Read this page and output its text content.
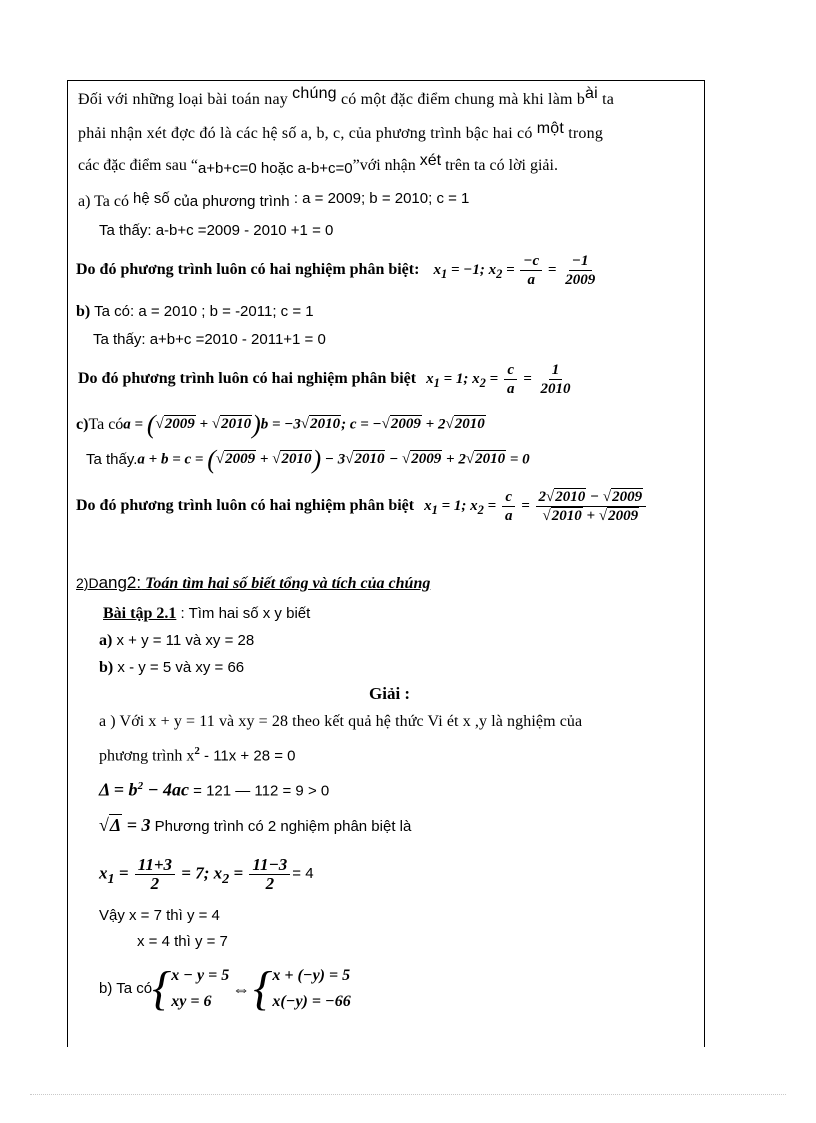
Đối với những loại bài toán nay chúng có một đặc điểm chung mà khi làm bài ta
phải nhận xét đợc đó là các hệ số a, b, c, của phương trình bậc hai có một trong
các đặc điểm sau “a+b+c=0 hoặc a-b+c=0”với nhận xét trên ta có lời giải.
a) Ta có hệ số của phương trình : a = 2009; b = 2010; c = 1
Ta thấy: a-b+c =2009 - 2010 +1 = 0
Do đó phương trình luôn có hai nghiệm phân biệt: $x_1 = -1$; $x_2 = \frac{-c}{a} = \frac{-1}{2009}$
b) Ta có: a = 2010 ; b = -2011; c = 1
Ta thấy: a+b+c =2010 - 2011+1 = 0
Do đó phương trình luôn có hai nghiệm phân biệt $x_1 = 1$; $x_2 = \frac{c}{a} = \frac{1}{2010}$
c) Ta có a = (√2009 + √2010)b = −3√2010; c = −√2009 + 2√2010
Ta thấy. a + b = c = (√2009 + √2010) − 3√2010 − √2009 + 2√2010 = 0
Do đó phương trình luôn có hai nghiệm phân biệt $x_1 = 1$; $x_2 = \frac{c}{a} = \frac{2√2010 - √2009}{√2010 + √2009}$
2)Dang2: Toán tìm hai số biết tổng và tích của chúng
Bài tập 2.1 : Tìm hai số x y biết
a) x + y = 11 và xy = 28
b) x - y = 5 và xy = 66
Giải :
a ) Với x + y = 11 và xy = 28 theo kết quả hệ thức Vi ét x ,y là nghiệm của
phương trình $x^2 - 11x + 28 = 0$
$\Delta = b^2 - 4ac = 121$ — 112 = 9 > 0
√Δ = 3 Phương trình có 2 nghiệm phân biệt là
$x_1 = \frac{11+3}{2} = 7$; $x_2 = \frac{11-3}{2} = 4$
Vậy x = 7 thì y = 4
x = 4 thì y = 7
b) Ta có { x − y = 5
xy = 6
⇔ { x + (−y) = 5
x(−y) = −66
